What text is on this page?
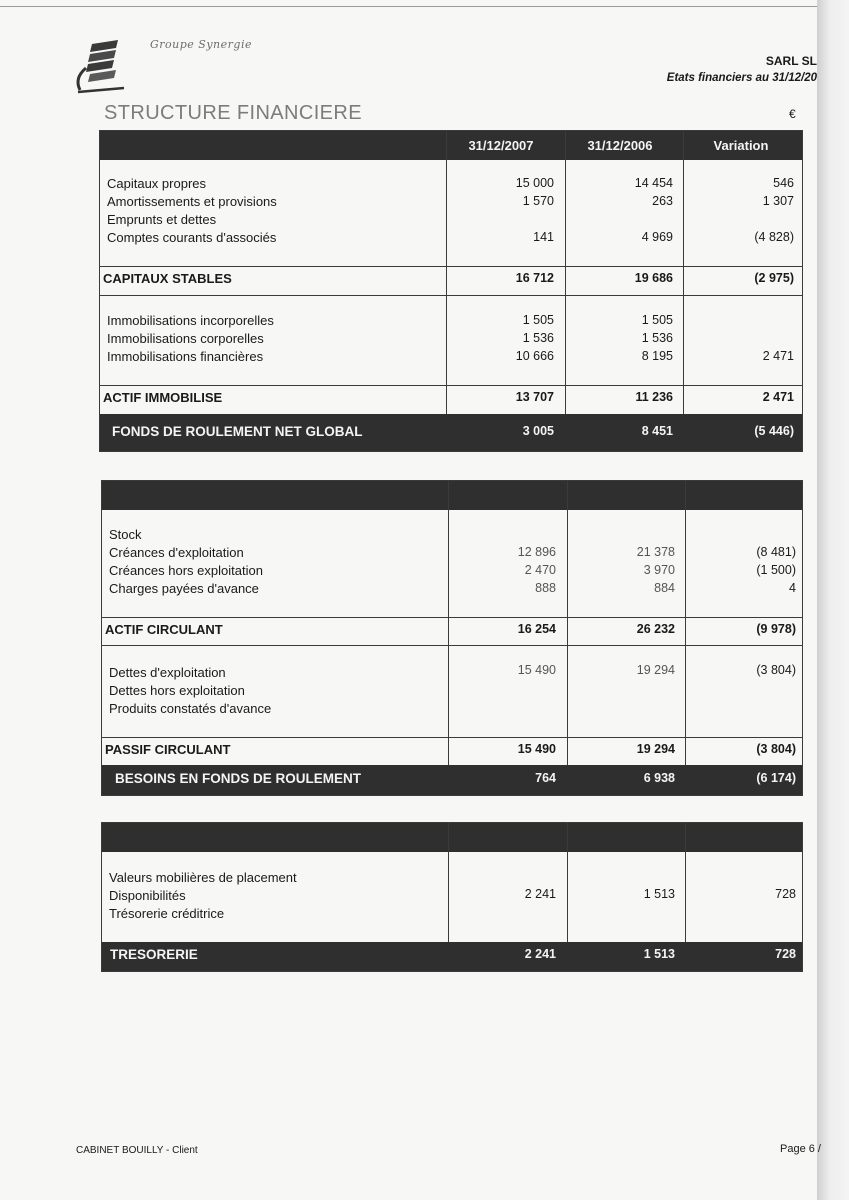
Groupe Synergie
SARL SL
Etats financiers au 31/12/20
STRUCTURE FINANCIERE	€
31/12/2007	31/12/2006	Variation
Capitaux propres	15 000	14 454	546
Amortissements et provisions	1 570	263	1 307
Emprunts et dettes
Comptes courants d'associés	141	4 969	(4 828)
CAPITAUX STABLES	16 712	19 686	(2 975)
Immobilisations incorporelles	1 505	1 505
Immobilisations corporelles	1 536	1 536
Immobilisations financières	10 666	8 195	2 471
ACTIF IMMOBILISE	13 707	11 236	2 471
FONDS DE ROULEMENT NET GLOBAL	3 005	8 451	(5 446)
Stock
Créances d'exploitation	12 896	21 378	(8 481)
Créances hors exploitation	2 470	3 970	(1 500)
Charges payées d'avance	888	884	4
ACTIF CIRCULANT	16 254	26 232	(9 978)
Dettes d'exploitation	15 490	19 294	(3 804)
Dettes hors exploitation
Produits constatés d'avance
PASSIF CIRCULANT	15 490	19 294	(3 804)
BESOINS EN FONDS DE ROULEMENT	764	6 938	(6 174)
Valeurs mobilières de placement
Disponibilités	2 241	1 513	728
Trésorerie créditrice
TRESORERIE	2 241	1 513	728
CABINET BOUILLY - Client	Page 6 /
